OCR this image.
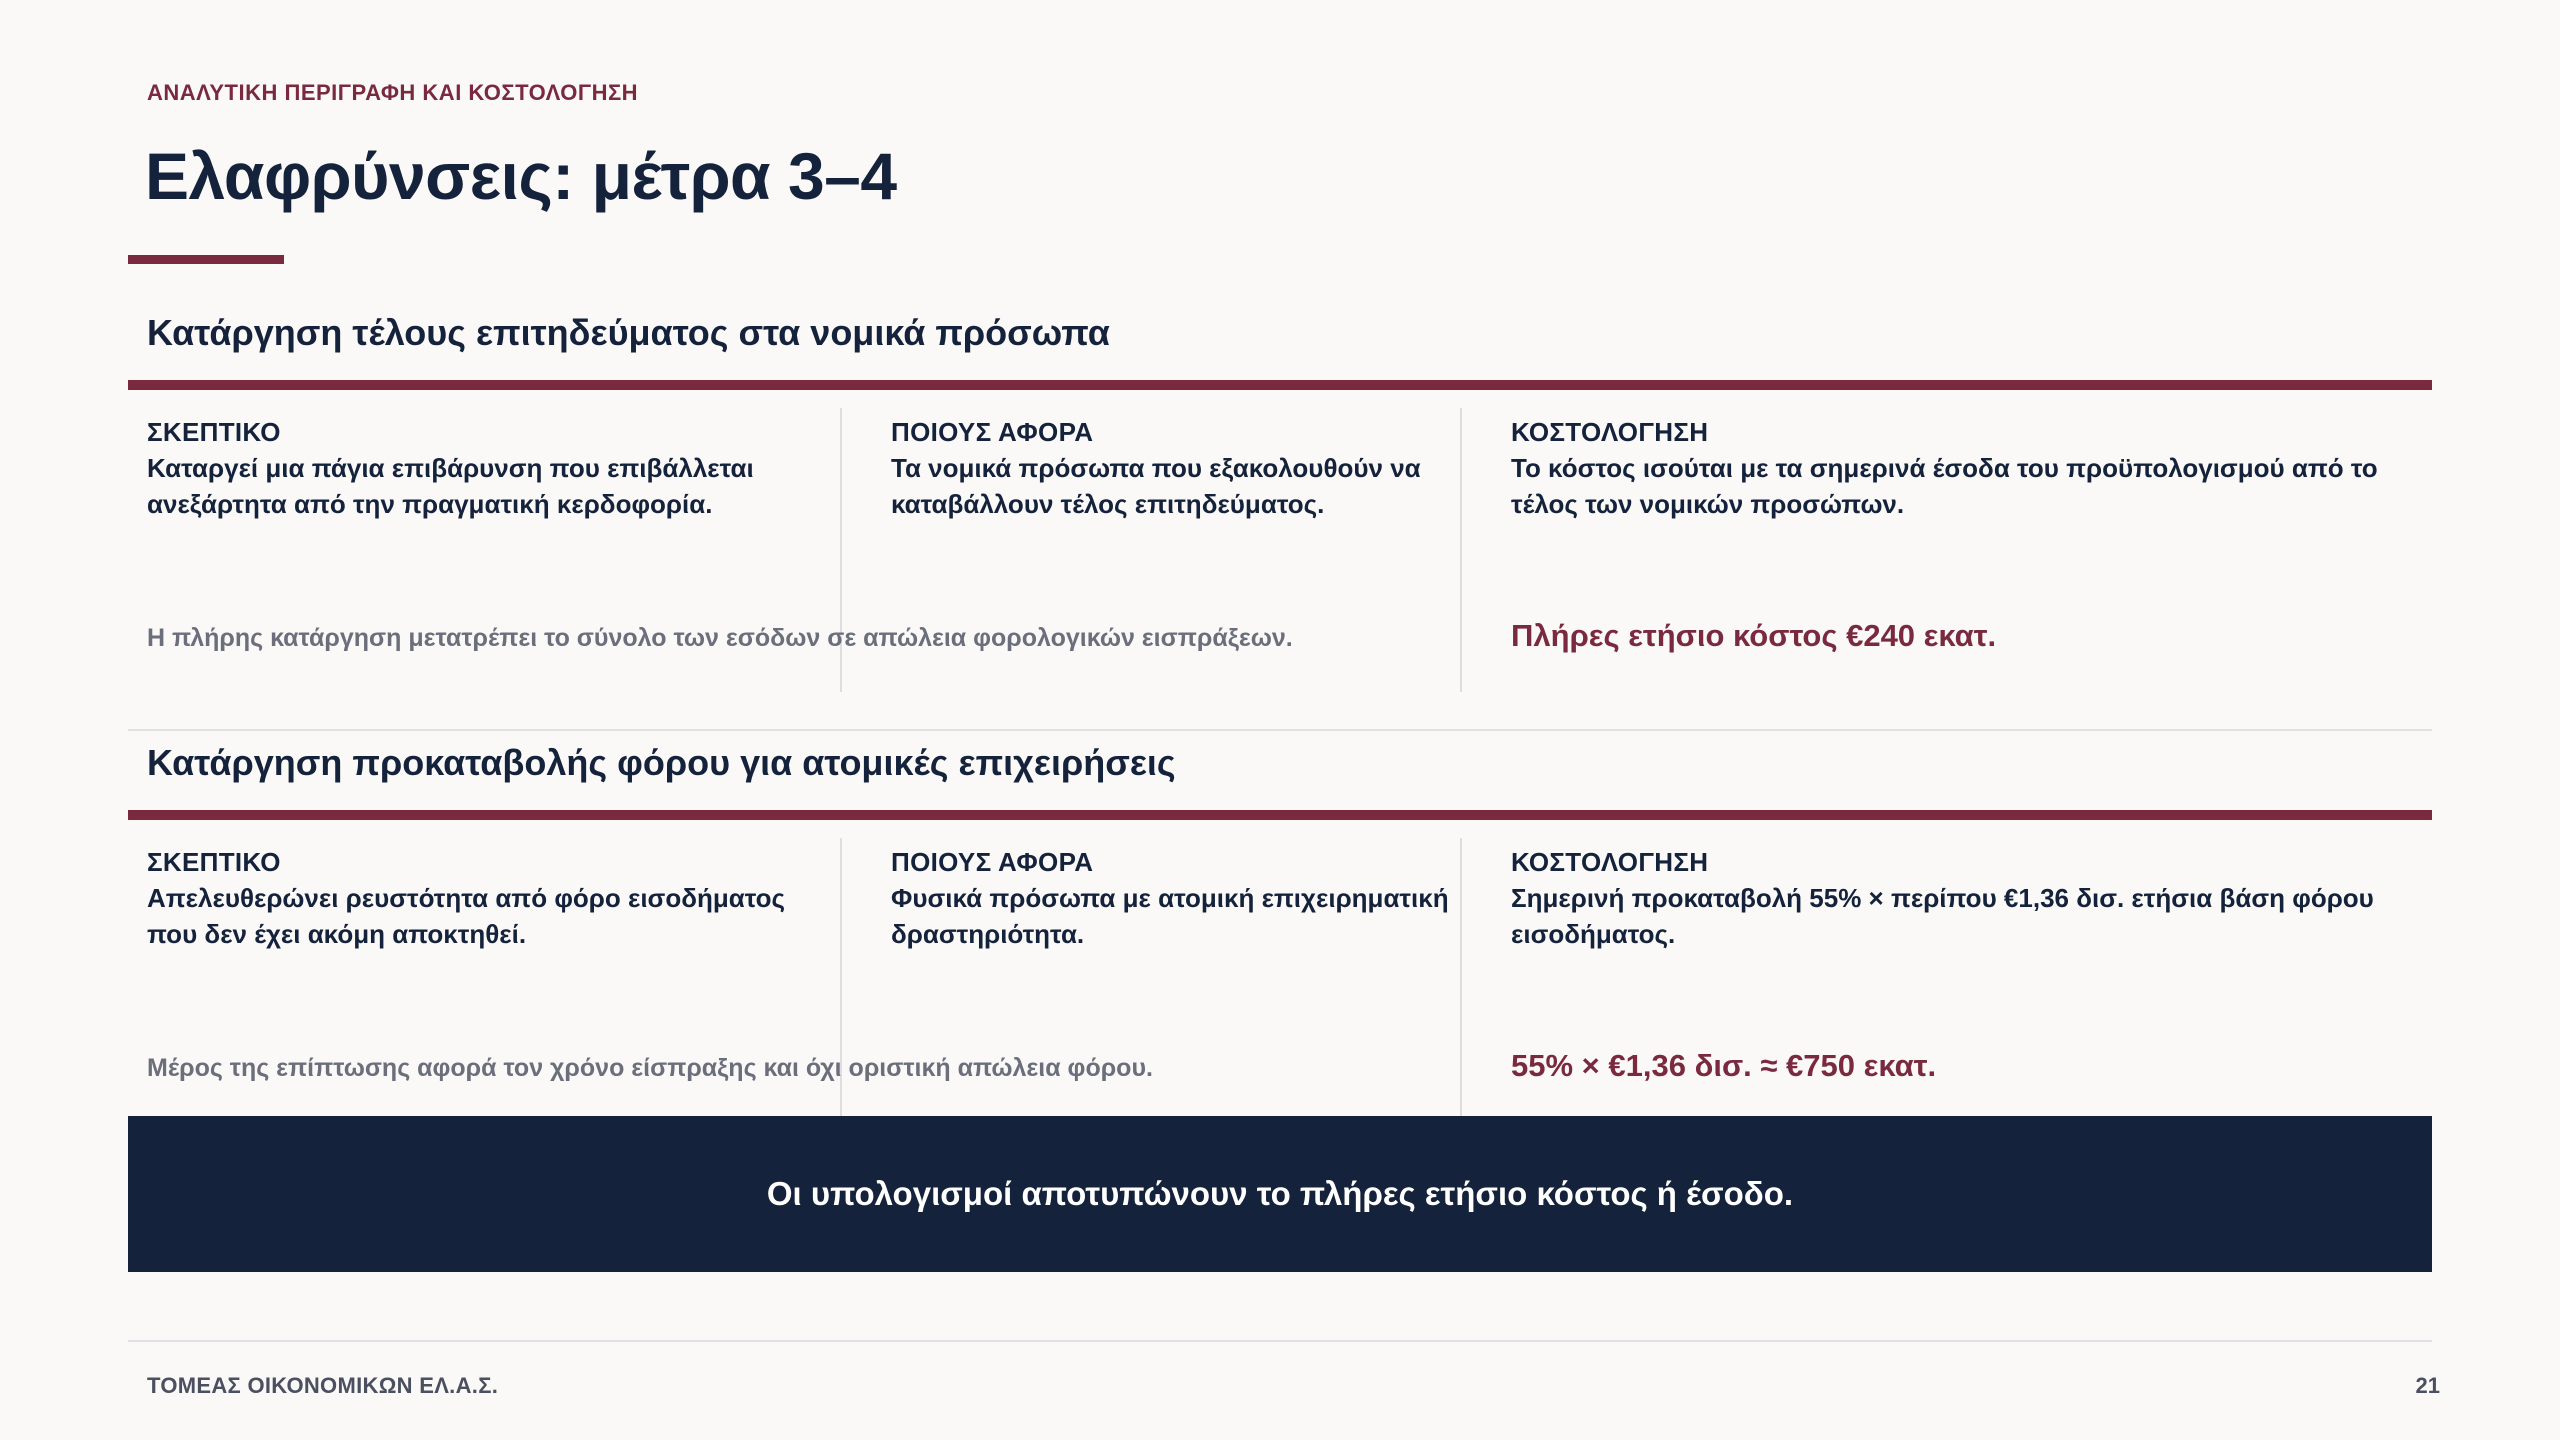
ΑΝΑΛΥΤΙΚΗ ΠΕΡΙΓΡΑΦΗ ΚΑΙ ΚΟΣΤΟΛΟΓΗΣΗ
Ελαφρύνσεις: μέτρα 3–4
Κατάργηση τέλους επιτηδεύματος στα νομικά πρόσωπα
ΣΚΕΠΤΙΚΟ
Καταργεί μια πάγια επιβάρυνση που επιβάλλεται ανεξάρτητα από την πραγματική κερδοφορία.
ΠΟΙΟΥΣ ΑΦΟΡΑ
Τα νομικά πρόσωπα που εξακολουθούν να καταβάλλουν τέλος επιτηδεύματος.
ΚΟΣΤΟΛΟΓΗΣΗ
Το κόστος ισούται με τα σημερινά έσοδα του προϋπολογισμού από το τέλος των νομικών προσώπων.
Η πλήρης κατάργηση μετατρέπει το σύνολο των εσόδων σε απώλεια φορολογικών εισπράξεων.	Πλήρες ετήσιο κόστος €240 εκατ.
Κατάργηση προκαταβολής φόρου για ατομικές επιχειρήσεις
ΣΚΕΠΤΙΚΟ
Απελευθερώνει ρευστότητα από φόρο εισοδήματος που δεν έχει ακόμη αποκτηθεί.
ΠΟΙΟΥΣ ΑΦΟΡΑ
Φυσικά πρόσωπα με ατομική επιχειρηματική δραστηριότητα.
ΚΟΣΤΟΛΟΓΗΣΗ
Σημερινή προκαταβολή 55% × περίπου €1,36 δισ. ετήσια βάση φόρου εισοδήματος.
Μέρος της επίπτωσης αφορά τον χρόνο είσπραξης και όχι οριστική απώλεια φόρου.	55% × €1,36 δισ. ≈ €750 εκατ.
Οι υπολογισμοί αποτυπώνουν το πλήρες ετήσιο κόστος ή έσοδο.
ΤΟΜΕΑΣ ΟΙΚΟΝΟΜΙΚΩΝ ΕΛ.Α.Σ.	21
